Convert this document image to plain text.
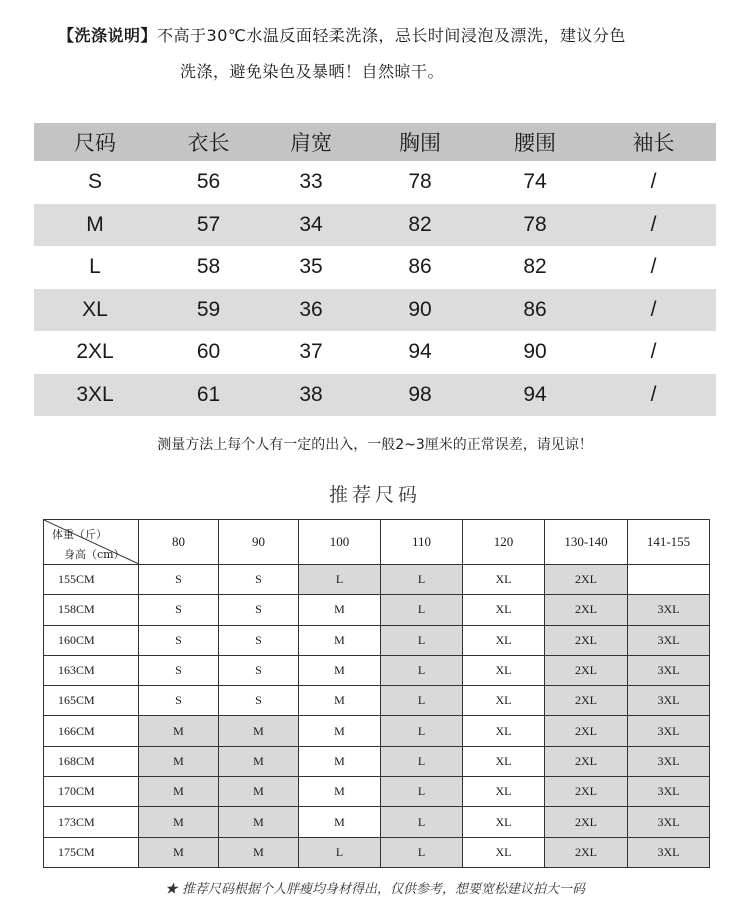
【洗涤说明】不高于30℃水温反面轻柔洗涤，忌长时间浸泡及漂洗，建议分色
洗涤，避免染色及暴晒！自然晾干。
尺码	衣长	肩宽	胸围	腰围	袖长
S	56	33	78	74	/
M	57	34	82	78	/
L	58	35	86	82	/
XL	59	36	90	86	/
2XL	60	37	94	90	/
3XL	61	38	98	94	/
测量方法上每个人有一定的出入，一般2~3厘米的正常误差，请见谅！
推荐尺码
体重（斤）
身高（cm）	80	90	100	110	120	130-140	141-155
155CM	S	S	L	L	XL	2XL	
158CM	S	S	M	L	XL	2XL	3XL
160CM	S	S	M	L	XL	2XL	3XL
163CM	S	S	M	L	XL	2XL	3XL
165CM	S	S	M	L	XL	2XL	3XL
166CM	M	M	M	L	XL	2XL	3XL
168CM	M	M	M	L	XL	2XL	3XL
170CM	M	M	M	L	XL	2XL	3XL
173CM	M	M	M	L	XL	2XL	3XL
175CM	M	M	L	L	XL	2XL	3XL
★ 推荐尺码根据个人胖瘦均身材得出，仅供参考，想要宽松建议拍大一码
